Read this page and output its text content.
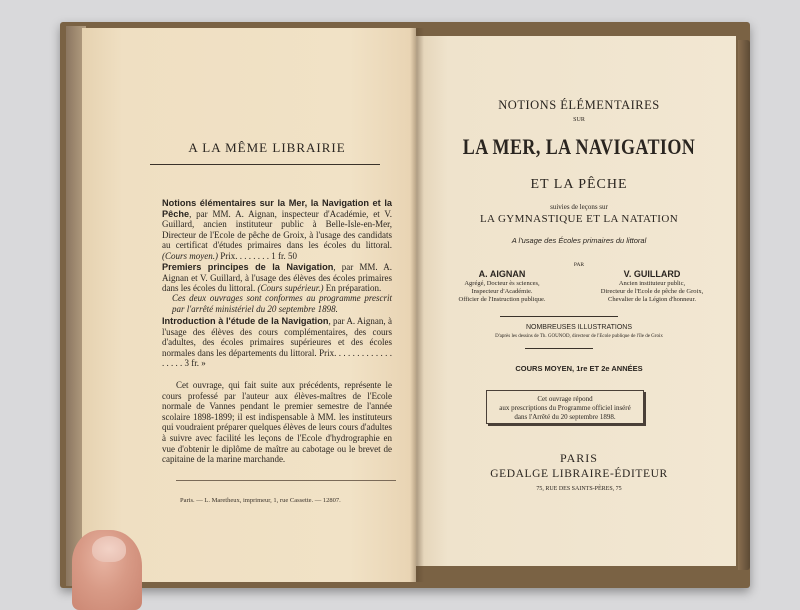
A LA MÊME LIBRAIRIE

Notions élémentaires sur la Mer, la Navigation et la Pêche, par MM. A. Aignan, inspecteur d'Académie, et V. Guillard, ancien instituteur public à Belle-Isle-en-Mer, Directeur de l'Ecole de pêche de Groix, à l'usage des candidats au certificat d'études primaires dans les écoles du littoral. (Cours moyen.) Prix. . . . . . . . 1 fr. 50
Premiers principes de la Navigation, par MM. A. Aignan et V. Guillard, à l'usage des élèves des écoles primaires dans les écoles du littoral. (Cours supérieur.) En préparation.
Ces deux ouvrages sont conformes au programme prescrit par l'arrêté ministériel du 20 septembre 1898.
Introduction à l'étude de la Navigation, par A. Aignan, à l'usage des élèves des cours complémentaires, des cours d'adultes, des écoles primaires supérieures et des écoles normales dans les départements du littoral. Prix. . . . . . . . . . . . . . . . . . 3 fr. »
Cet ouvrage, qui fait suite aux précédents, représente le cours professé par l'auteur aux élèves-maîtres de l'Ecole normale de Vannes pendant le premier semestre de l'année scolaire 1898-1899; il est indispensable à MM. les instituteurs qui voudraient préparer quelques élèves de leurs cours d'adultes à suivre avec facilité les leçons de l'Ecole d'hydrographie en vue d'obtenir le diplôme de maître au cabotage ou le brevet de capitaine de la marine marchande.

Paris. — L. Maretheux, imprimeur, 1, rue Cassette. — 12807.

NOTIONS ÉLÉMENTAIRES

SUR

LA MER, LA NAVIGATION

ET LA PÊCHE

suivies de leçons sur

LA GYMNASTIQUE ET LA NATATION

A l'usage des Écoles primaires du littoral

PAR

A. AIGNAN
Agrégé, Docteur ès sciences,
Inspecteur d'Académie.
Officier de l'Instruction publique.
V. GUILLARD
Ancien instituteur public,
Directeur de l'Ecole de pêche de Groix,
Chevalier de la Légion d'honneur.

NOMBREUSES ILLUSTRATIONS

D'après les dessins de Th. GOUNOD, directeur de l'Ecole publique de l'île de Groix

COURS MOYEN, 1re ET 2e ANNÉES

Cet ouvrage répond
aux prescriptions du Programme officiel inséré
dans l'Arrêté du 20 septembre 1898.

PARIS

GEDALGE LIBRAIRE-ÉDITEUR

75, RUE DES SAINTS-PÈRES, 75
